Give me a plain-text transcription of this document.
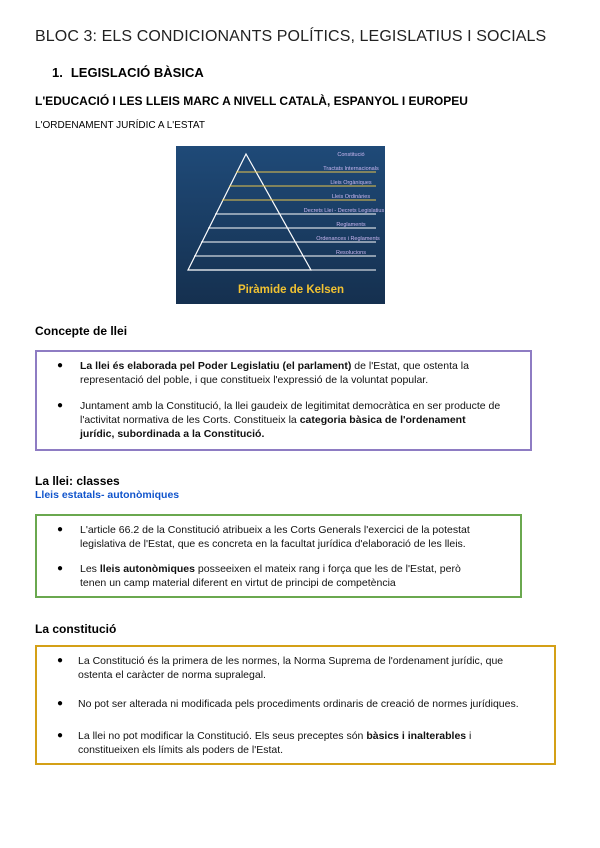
BLOC 3: ELS CONDICIONANTS POLÍTICS, LEGISLATIUS I SOCIALS
1. LEGISLACIÓ BÀSICA
L'EDUCACIÓ I LES LLEIS MARC A NIVELL CATALÀ, ESPANYOL I EUROPEU
L'ORDENAMENT JURÍDIC A L'ESTAT
Constitució
Tractats Internacionals
Lleis Orgàniques
Lleis Ordinàries
Decrets Llei - Decrets Legislatius
Reglaments
Ordenances i Reglaments
Resolucions
Piràmide de Kelsen
Concepte de llei
● La llei és elaborada pel Poder Legislatiu (el parlament) de l'Estat, que ostenta la
representació del poble, i que constitueix l'expressió de la voluntat popular.
● Juntament amb la Constitució, la llei gaudeix de legitimitat democràtica en ser producte de
l'activitat normativa de les Corts. Constitueix la categoria bàsica de l'ordenament
jurídic, subordinada a la Constitució.
La llei: classes
Lleis estatals- autonòmiques
● L'article 66.2 de la Constitució atribueix a les Corts Generals l'exercici de la potestat
legislativa de l'Estat, que es concreta en la facultat jurídica d'elaboració de les lleis.
● Les lleis autonòmiques posseeixen el mateix rang i força que les de l'Estat, però
tenen un camp material diferent en virtut de principi de competència
La constitució
● La Constitució és la primera de les normes, la Norma Suprema de l'ordenament jurídic, que
ostenta el caràcter de norma supralegal.
● No pot ser alterada ni modificada pels procediments ordinaris de creació de normes jurídiques.
● La llei no pot modificar la Constitució. Els seus preceptes són bàsics i inalterables i
constitueixen els límits als poders de l'Estat.
